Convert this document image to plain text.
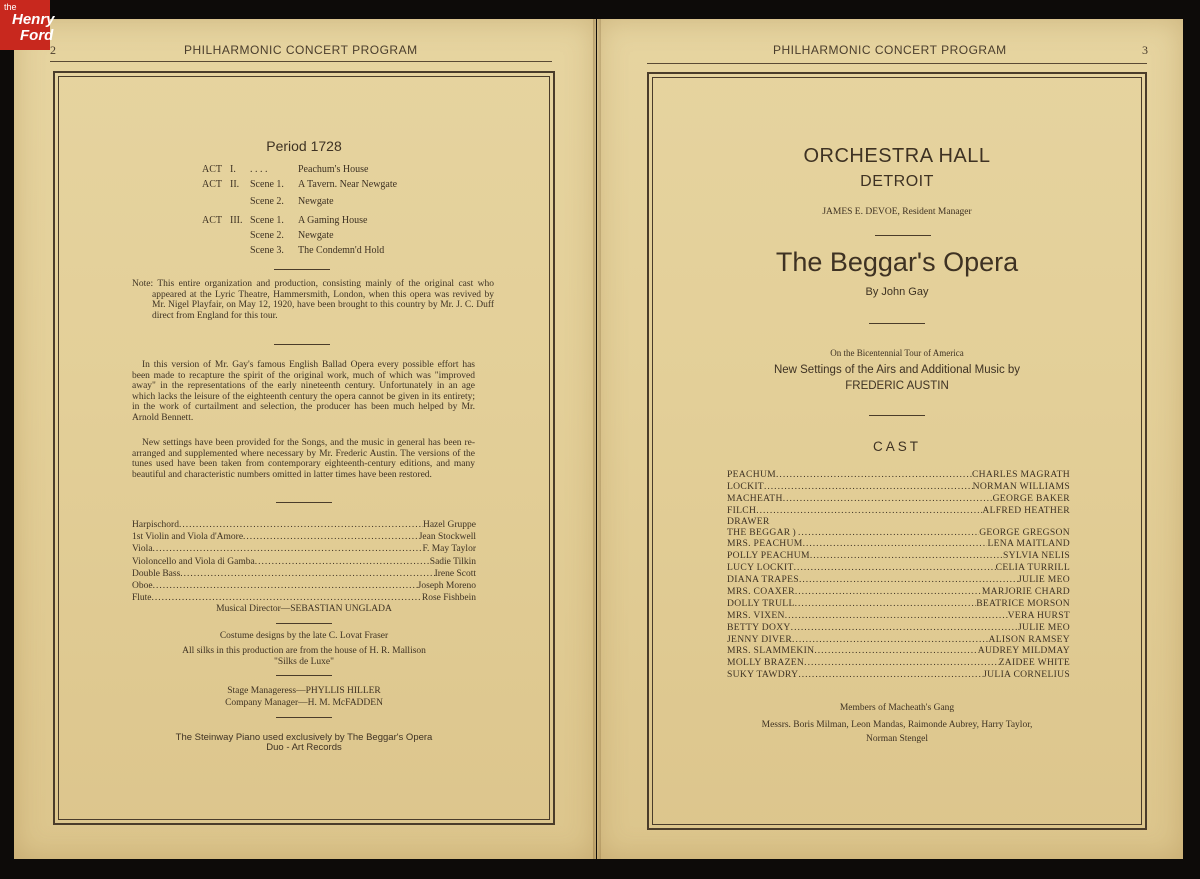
the
Henry
Ford
2	PHILHARMONIC CONCERT PROGRAM
Period 1728
ACT I.	. . . .	Peachum's House
ACT II.	Scene 1.	A Tavern. Near Newgate
Scene 2.	Newgate
ACT III. Scene 1.	A Gaming House
Scene 2.	Newgate
Scene 3.	The Condemn'd Hold
Note: This entire organization and production, consisting mainly of the original cast who appeared at the Lyric Theatre, Hammersmith, London, when this opera was revived by Mr. Nigel Playfair, on May 12, 1920, have been brought to this country by Mr. J. C. Duff direct from England for this tour.
In this version of Mr. Gay's famous English Ballad Opera every possible effort has been made to recapture the spirit of the original work, much of which was "improved away" in the representations of the early nineteenth century. Unfortunately in an age which lacks the leisure of the eighteenth century the opera cannot be given in its entirety; in the work of curtailment and selection, the producer has been much helped by Mr. Arnold Bennett.
New settings have been provided for the Songs, and the music in general has been re-arranged and supplemented where necessary by Mr. Frederic Austin. The versions of the tunes used have been taken from contemporary eighteenth-century editions, and many beautiful and characteristic numbers omitted in latter times have been restored.
Harpischord .....	Hazel Gruppe
1st Violin and Viola d'Amore .....	Jean Stockwell
Viola .....	F. May Taylor
Violoncello and Viola di Gamba .....	Sadie Tilkin
Double Bass .....	Irene Scott
Oboe .....	Joseph Moreno
Flute .....	Rose Fishbein
Musical Director—SEBASTIAN UNGLADA
Costume designs by the late C. Lovat Fraser
All silks in this production are from the house of H. R. Mallison
"Silks de Luxe"
Stage Manageress—PHYLLIS HILLER
Company Manager—H. M. McFADDEN
The Steinway Piano used exclusively by The Beggar's Opera
Duo - Art Records
PHILHARMONIC CONCERT PROGRAM	3
ORCHESTRA HALL
DETROIT
JAMES E. DEVOE, Resident Manager
The Beggar's Opera
By John Gay
On the Bicentennial Tour of America
New Settings of the Airs and Additional Music by
FREDERIC AUSTIN
CAST
PEACHUM .....	CHARLES MAGRATH
LOCKIT .....	NORMAN WILLIAMS
MACHEATH .....	GEORGE BAKER
FILCH .....	ALFRED HEATHER
DRAWER
THE BEGGAR ) .....	GEORGE GREGSON
MRS. PEACHUM .....	LENA MAITLAND
POLLY PEACHUM .....	SYLVIA NELIS
LUCY LOCKIT .....	CELIA TURRILL
DIANA TRAPES .....	JULIE MEO
MRS. COAXER .....	MARJORIE CHARD
DOLLY TRULL .....	BEATRICE MORSON
MRS. VIXEN .....	VERA HURST
BETTY DOXY .....	JULIE MEO
JENNY DIVER .....	ALISON RAMSEY
MRS. SLAMMEKIN .....	AUDREY MILDMAY
MOLLY BRAZEN .....	ZAIDEE WHITE
SUKY TAWDRY .....	JULIA CORNELIUS
Members of Macheath's Gang
Messrs. Boris Milman, Leon Mandas, Raimonde Aubrey, Harry Taylor,
Norman Stengel
